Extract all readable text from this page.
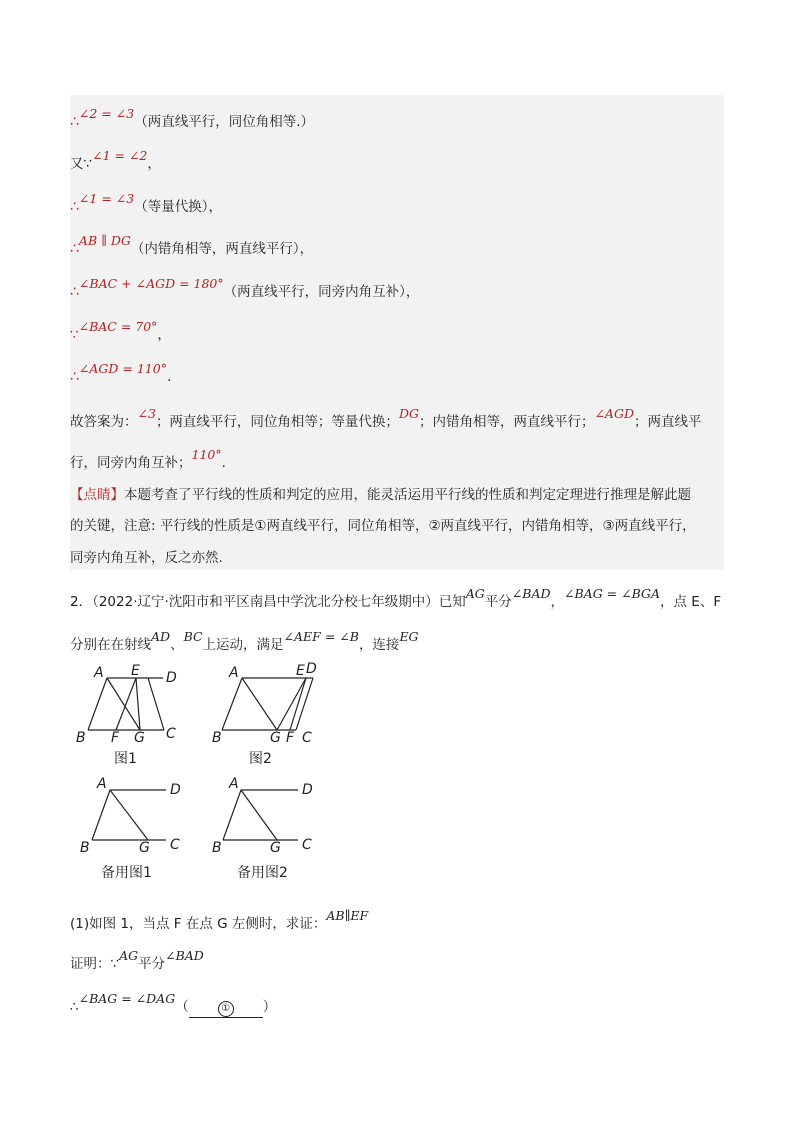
∴∠2 = ∠3（两直线平行，同位角相等.）
又∵∠1 = ∠2，
∴∠1 = ∠3（等量代换），
∴AB ∥ DG（内错角相等，两直线平行），
∴∠BAC + ∠AGD = 180°（两直线平行，同旁内角互补），
∵∠BAC = 70°，
∴∠AGD = 110°.
故答案为：∠3；两直线平行，同位角相等；等量代换；DG；内错角相等，两直线平行；∠AGD；两直线平
行，同旁内角互补；110°.
【点睛】本题考查了平行线的性质和判定的应用，能灵活运用平行线的性质和判定定理进行推理是解此题
的关键，注意: 平行线的性质是①两直线平行，同位角相等，②两直线平行，内错角相等，③两直线平行，
同旁内角互补，反之亦然.
2．（2022·辽宁·沈阳市和平区南昌中学沈北分校七年级期中）已知AG平分∠BAD，∠BAG = ∠BGA，点 E、F
分别在在射线AD、BC上运动，满足∠AEF = ∠B，连接EG
A E D
B F G C
图1
A	E D
B	G F C
图2
A	D
B	G C
备用图1
A	D
B	G C
备用图2
(1)如图 1，当点 F 在点 G 左侧时，求证：AB∥EF
证明：∵AG平分∠BAD
∴∠BAG = ∠DAG（	① ）
